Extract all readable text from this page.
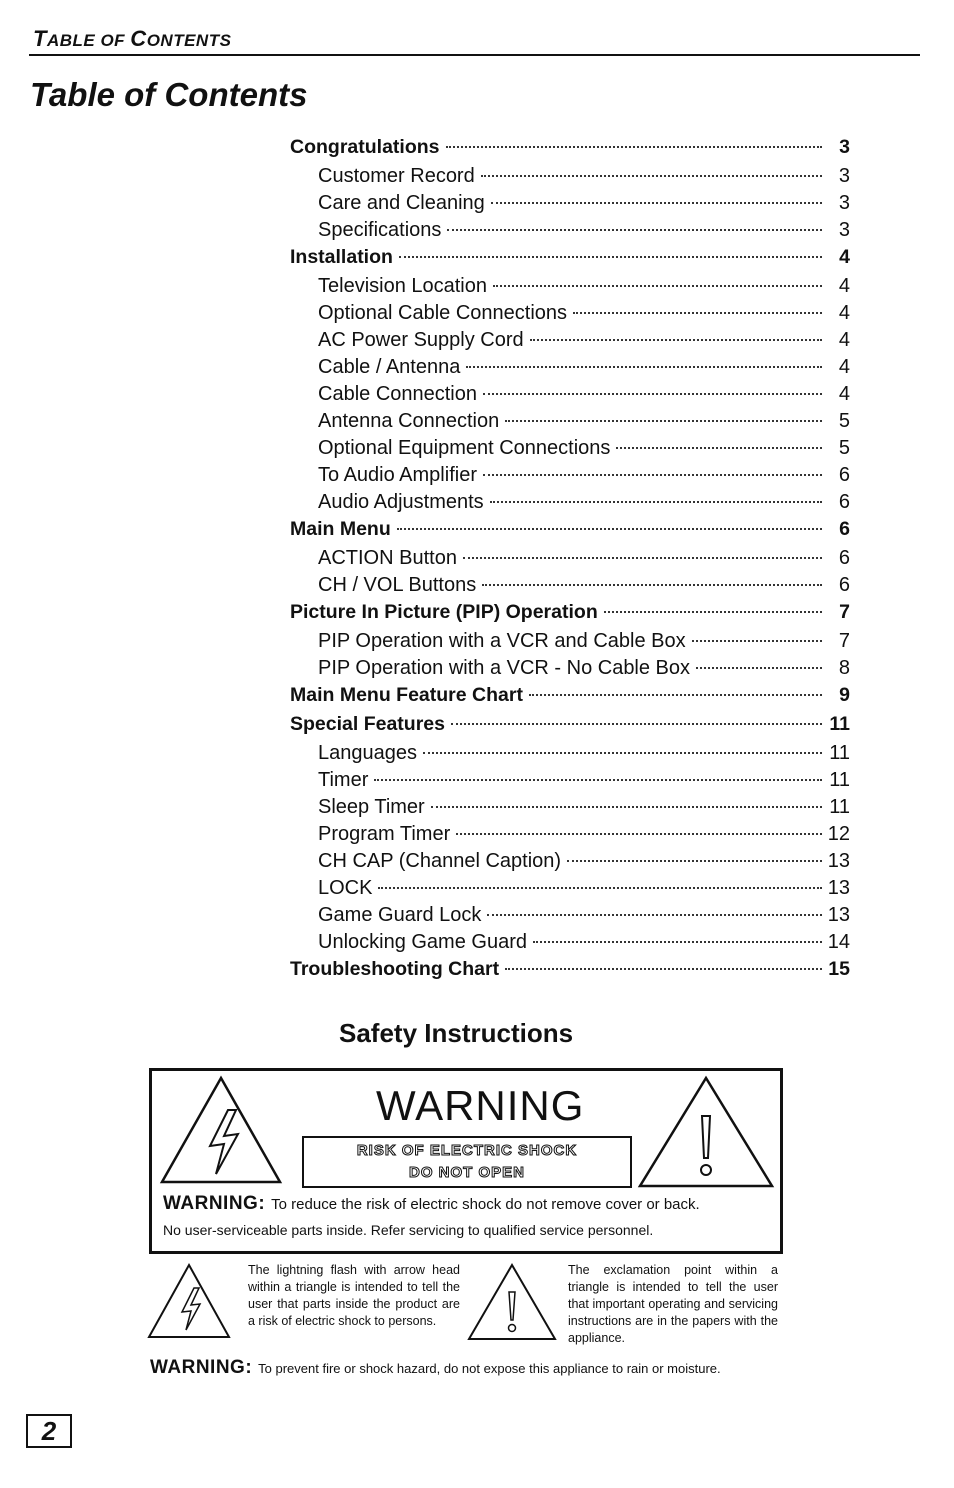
TABLE OF CONTENTS
Table of Contents
Congratulations	3
Customer Record	3
Care and Cleaning	3
Specifications	3
Installation	4
Television Location	4
Optional Cable Connections	4
AC Power Supply Cord	4
Cable / Antenna	4
Cable Connection	4
Antenna Connection	5
Optional Equipment Connections	5
To Audio Amplifier	6
Audio Adjustments	6
Main Menu	6
ACTION Button	6
CH / VOL Buttons	6
Picture In Picture (PIP) Operation	7
PIP Operation with a VCR and Cable Box	7
PIP Operation with a VCR - No Cable Box	8
Main Menu Feature Chart	9
Special Features	11
Languages	11
Timer	11
Sleep Timer	11
Program Timer	12
CH CAP (Channel Caption)	13
LOCK	13
Game Guard Lock	13
Unlocking Game Guard	14
Troubleshooting Chart	15
Safety Instructions
WARNING
RISK OF ELECTRIC SHOCK
DO NOT OPEN
WARNING: To reduce the risk of electric shock do not remove cover or back.
No user-serviceable parts inside. Refer servicing to qualified service personnel.
The lightning flash with arrow head within a triangle is intended to tell the user that parts inside the product are a risk of electric shock to persons.
The exclamation point within a triangle is intended to tell the user that important operating and servicing instructions are in the papers with the appliance.
WARNING: To prevent fire or shock hazard, do not expose this appliance to rain or moisture.
2
